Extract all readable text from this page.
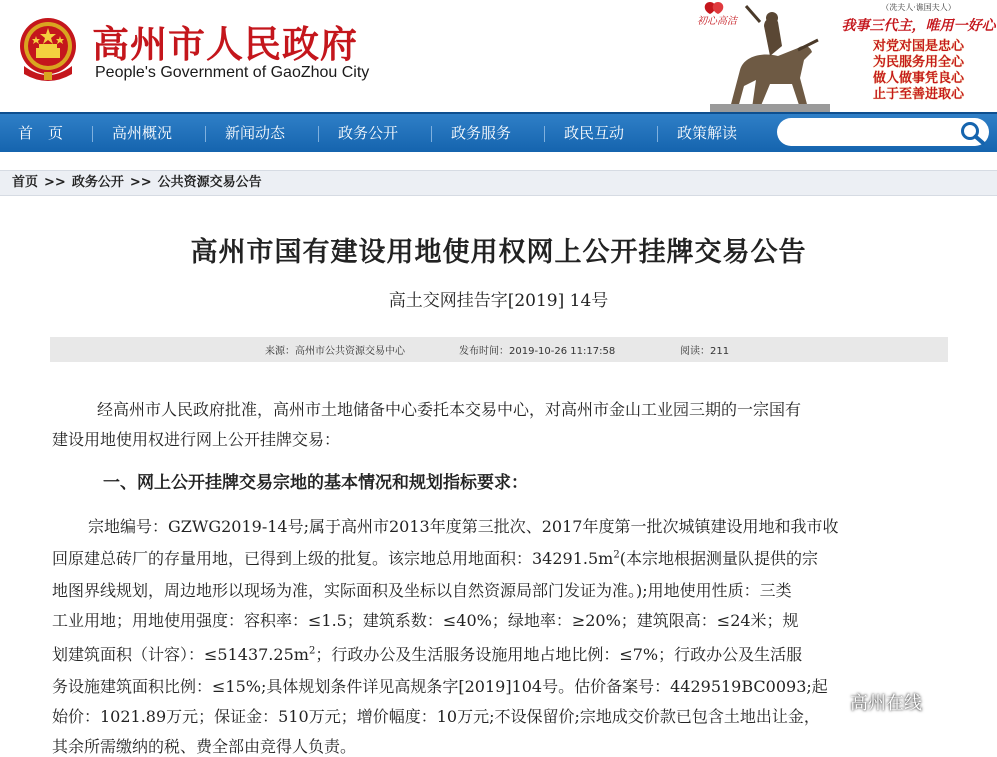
高州市人民政府
People's Government of GaoZhou City
初心高洁
（冼夫人·谯国夫人）
我事三代主，唯用一好心
对党对国是忠心
为民服务用全心
做人做事凭良心
止于至善进取心
首　页	高州概况	新闻动态	政务公开	政务服务	政民互动	政策解读
首页 >> 政务公开 >> 公共资源交易公告
高州市国有建设用地使用权网上公开挂牌交易公告
高土交网挂告字[2019] 14号
来源：高州市公共资源交易中心	发布时间：2019-10-26 11:17:58	阅读：211
经高州市人民政府批准，高州市土地储备中心委托本交易中心，对高州市金山工业园三期的一宗国有
建设用地使用权进行网上公开挂牌交易：
一、网上公开挂牌交易宗地的基本情况和规划指标要求：
宗地编号：GZWG2019-14号;属于高州市2013年度第三批次、2017年度第一批次城镇建设用地和我市收
回原建总砖厂的存量用地，已得到上级的批复。该宗地总用地面积：$34291.5m^2$(本宗地根据测量队提供的宗
地图界线规划，周边地形以现场为准，实际面积及坐标以自然资源局部门发证为准。);用地使用性质：三类
工业用地；用地使用强度：容积率：≤1.5；建筑系数：≤40%；绿地率：≥20%；建筑限高：≤24米；规
划建筑面积（计容）：$\le 51437.25m^2$；行政办公及生活服务设施用地占地比例：≤7%；行政办公及生活服
务设施建筑面积比例：≤15%;具体规划条件详见高规条字[2019]104号。估价备案号：4429519BC0093;起
始价：1021.89万元；保证金：510万元；增价幅度：10万元;不设保留价;宗地成交价款已包含土地出让金，
其余所需缴纳的税、费全部由竞得人负责。
高州在线
